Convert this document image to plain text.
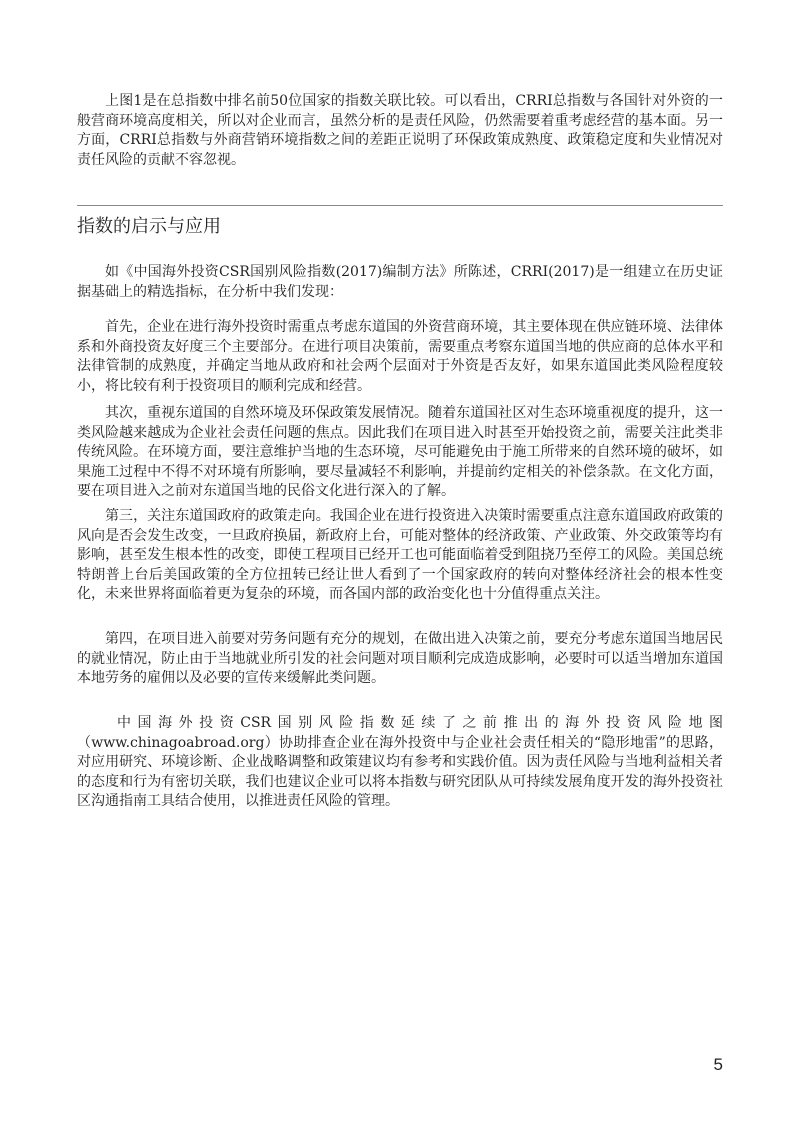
上图1是在总指数中排名前50位国家的指数关联比较。可以看出，CRRI总指数与各国针对外资的一般营商环境高度相关，所以对企业而言，虽然分析的是责任风险，仍然需要着重考虑经营的基本面。另一方面，CRRI总指数与外商营销环境指数之间的差距正说明了环保政策成熟度、政策稳定度和失业情况对责任风险的贡献不容忽视。

指数的启示与应用

如《中国海外投资CSR国别风险指数(2017)编制方法》所陈述，CRRI(2017)是一组建立在历史证据基础上的精选指标，在分析中我们发现：

首先，企业在进行海外投资时需重点考虑东道国的外资营商环境，其主要体现在供应链环境、法律体系和外商投资友好度三个主要部分。在进行项目决策前，需要重点考察东道国当地的供应商的总体水平和法律管制的成熟度，并确定当地从政府和社会两个层面对于外资是否友好，如果东道国此类风险程度较小，将比较有利于投资项目的顺利完成和经营。

其次，重视东道国的自然环境及环保政策发展情况。随着东道国社区对生态环境重视度的提升，这一类风险越来越成为企业社会责任问题的焦点。因此我们在项目进入时甚至开始投资之前，需要关注此类非传统风险。在环境方面，要注意维护当地的生态环境，尽可能避免由于施工所带来的自然环境的破坏，如果施工过程中不得不对环境有所影响，要尽量减轻不利影响，并提前约定相关的补偿条款。在文化方面，要在项目进入之前对东道国当地的民俗文化进行深入的了解。

第三，关注东道国政府的政策走向。我国企业在进行投资进入决策时需要重点注意东道国政府政策的风向是否会发生改变，一旦政府换届，新政府上台，可能对整体的经济政策、产业政策、外交政策等均有影响，甚至发生根本性的改变，即使工程项目已经开工也可能面临着受到阻挠乃至停工的风险。美国总统特朗普上台后美国政策的全方位扭转已经让世人看到了一个国家政府的转向对整体经济社会的根本性变化，未来世界将面临着更为复杂的环境，而各国内部的政治变化也十分值得重点关注。

第四，在项目进入前要对劳务问题有充分的规划，在做出进入决策之前，要充分考虑东道国当地居民的就业情况，防止由于当地就业所引发的社会问题对项目顺利完成造成影响，必要时可以适当增加东道国本地劳务的雇佣以及必要的宣传来缓解此类问题。

中国海外投资CSR国别风险指数延续了之前推出的海外投资风险地图（www.chinagoabroad.org）协助排查企业在海外投资中与企业社会责任相关的“隐形地雷”的思路，对应用研究、环境诊断、企业战略调整和政策建议均有参考和实践价值。因为责任风险与当地利益相关者的态度和行为有密切关联，我们也建议企业可以将本指数与研究团队从可持续发展角度开发的海外投资社区沟通指南工具结合使用，以推进责任风险的管理。

5
